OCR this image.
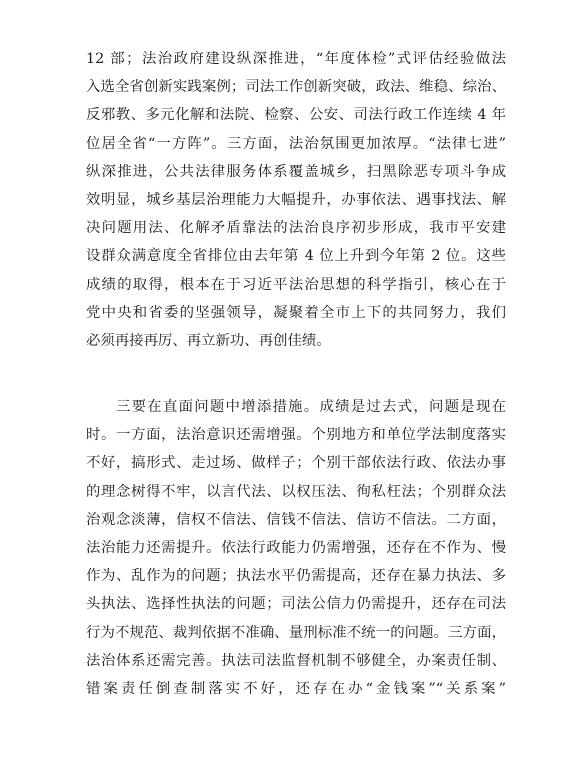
12 部；法治政府建设纵深推进，“年度体检”式评估经验做法
入选全省创新实践案例；司法工作创新突破，政法、维稳、综治、
反邪教、多元化解和法院、检察、公安、司法行政工作连续 4 年
位居全省“一方阵”。三方面，法治氛围更加浓厚。“法律七进”
纵深推进，公共法律服务体系覆盖城乡，扫黑除恶专项斗争成
效明显，城乡基层治理能力大幅提升，办事依法、遇事找法、解
决问题用法、化解矛盾靠法的法治良序初步形成，我市平安建
设群众满意度全省排位由去年第 4 位上升到今年第 2 位。这些
成绩的取得，根本在于习近平法治思想的科学指引，核心在于
党中央和省委的坚强领导，凝聚着全市上下的共同努力，我们
必须再接再厉、再立新功、再创佳绩。
三要在直面问题中增添措施。成绩是过去式，问题是现在
时。一方面，法治意识还需增强。个别地方和单位学法制度落实
不好，搞形式、走过场、做样子；个别干部依法行政、依法办事
的理念树得不牢，以言代法、以权压法、徇私枉法；个别群众法
治观念淡薄，信权不信法、信钱不信法、信访不信法。二方面，
法治能力还需提升。依法行政能力仍需增强，还存在不作为、慢
作为、乱作为的问题；执法水平仍需提高，还存在暴力执法、多
头执法、选择性执法的问题；司法公信力仍需提升，还存在司法
行为不规范、裁判依据不准确、量刑标准不统一的问题。三方面，
法治体系还需完善。执法司法监督机制不够健全，办案责任制、
错案责任倒查制落实不好，还存在办“金钱案”“关系案”
